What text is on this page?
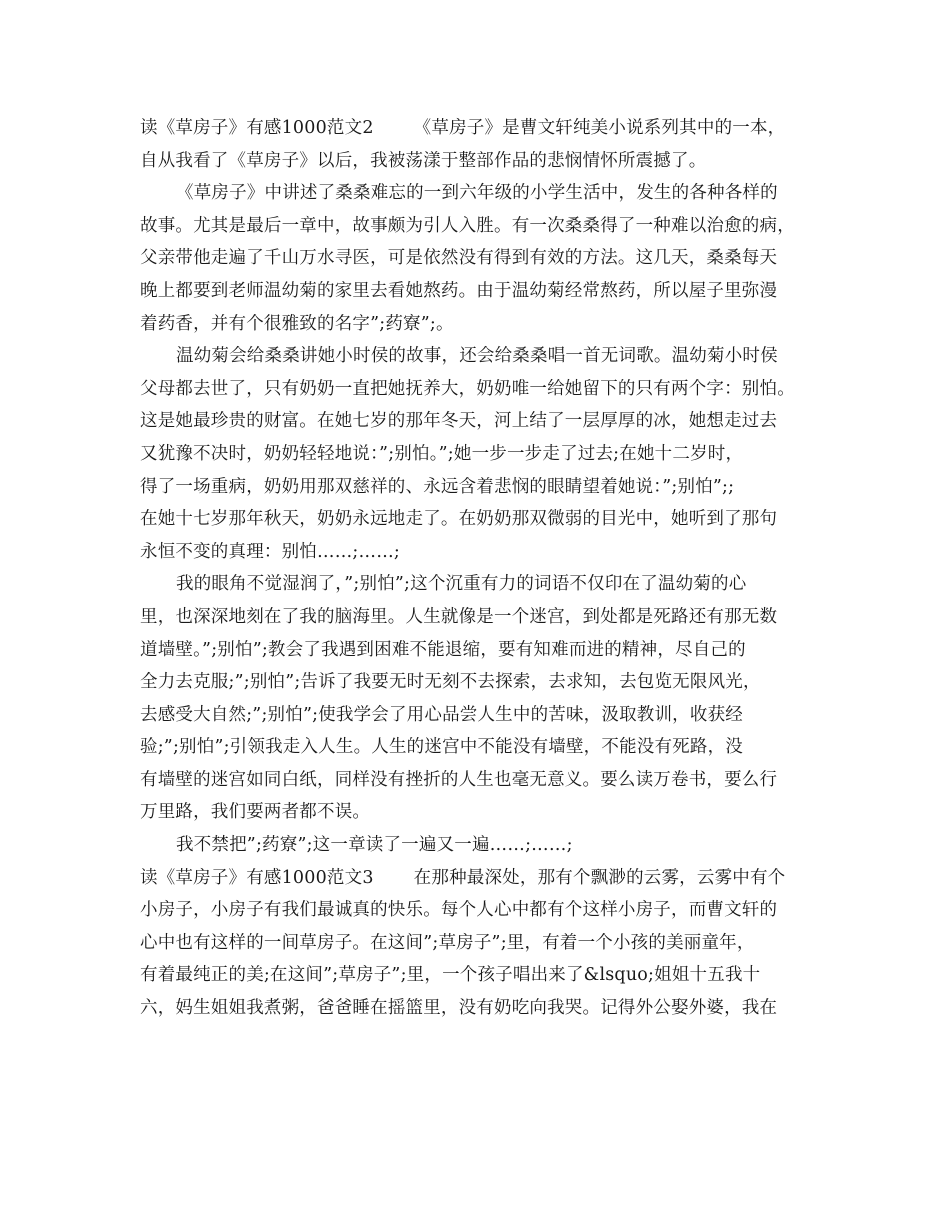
读《草房子》有感1000范文2 《草房子》是曹文轩纯美小说系列其中的一本，
自从我看了《草房子》以后，我被荡漾于整部作品的悲悯情怀所震撼了。
《草房子》中讲述了桑桑难忘的一到六年级的小学生活中，发生的各种各样的
故事。尤其是最后一章中，故事颇为引人入胜。有一次桑桑得了一种难以治愈的病，
父亲带他走遍了千山万水寻医，可是依然没有得到有效的方法。这几天，桑桑每天
晚上都要到老师温幼菊的家里去看她熬药。由于温幼菊经常熬药，所以屋子里弥漫
着药香，并有个很雅致的名字”;药寮”;。
温幼菊会给桑桑讲她小时侯的故事，还会给桑桑唱一首无词歌。温幼菊小时侯
父母都去世了，只有奶奶一直把她抚养大，奶奶唯一给她留下的只有两个字：别怕。
这是她最珍贵的财富。在她七岁的那年冬天，河上结了一层厚厚的冰，她想走过去
又犹豫不决时，奶奶轻轻地说：”;别怕。”;她一步一步走了过去;在她十二岁时，
得了一场重病，奶奶用那双慈祥的、永远含着悲悯的眼睛望着她说：”;别怕”;;
在她十七岁那年秋天，奶奶永远地走了。在奶奶那双微弱的目光中，她听到了那句
永恒不变的真理：别怕……;……;
我的眼角不觉湿润了，”;别怕”;这个沉重有力的词语不仅印在了温幼菊的心
里，也深深地刻在了我的脑海里。人生就像是一个迷宫，到处都是死路还有那无数
道墙壁。”;别怕”;教会了我遇到困难不能退缩，要有知难而进的精神，尽自己的
全力去克服;”;别怕”;告诉了我要无时无刻不去探索，去求知，去包览无限风光，
去感受大自然;”;别怕”;使我学会了用心品尝人生中的苦味，汲取教训，收获经
验;”;别怕”;引领我走入人生。人生的迷宫中不能没有墙壁，不能没有死路，没
有墙壁的迷宫如同白纸，同样没有挫折的人生也毫无意义。要么读万卷书，要么行
万里路，我们要两者都不误。
我不禁把”;药寮”;这一章读了一遍又一遍……;……;
读《草房子》有感1000范文3 在那种最深处，那有个飘渺的云雾，云雾中有个
小房子，小房子有我们最诚真的快乐。每个人心中都有个这样小房子，而曹文轩的
心中也有这样的一间草房子。在这间”;草房子”;里，有着一个小孩的美丽童年，
有着最纯正的美;在这间”;草房子”;里，一个孩子唱出来了&lsquo;姐姐十五我十
六，妈生姐姐我煮粥，爸爸睡在摇篮里，没有奶吃向我哭。记得外公娶外婆，我在
